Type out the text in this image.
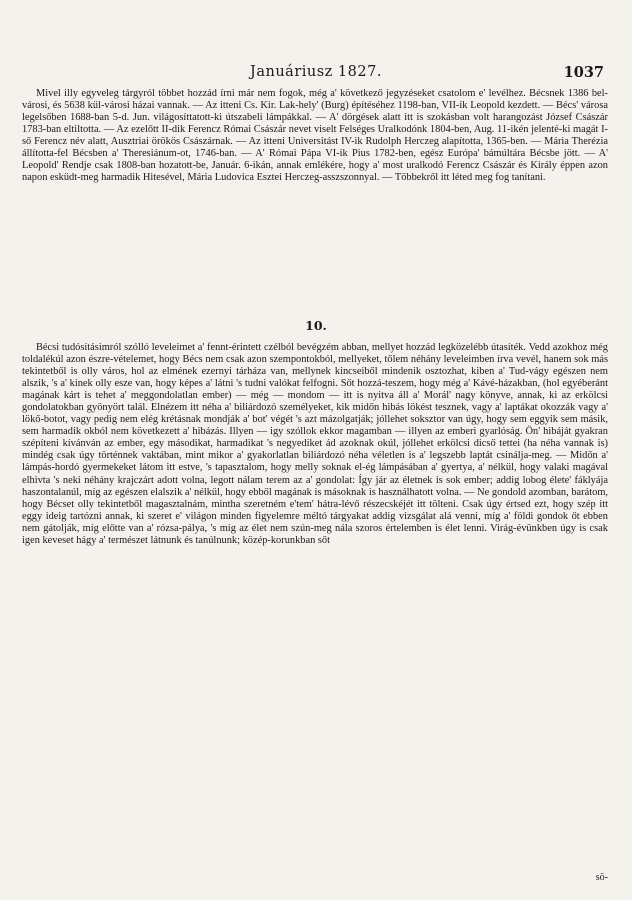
Januáriusz 1827.	1037

Mivel illy egyveleg tárgyról többet hozzád írni már nem fogok, még a' következő jegyzéseket csatolom e' levélhez. Bécsnek 1386 bel-városi, és 5638 kül-városi házai vannak. — Az itteni Cs. Kir. Lak-hely' (Burg) építéséhez 1198-ban, VII-ik Leopold kezdett. — Bécs' városa legelsőben 1688-ban 5-d. Jun. világosíttatott-ki útszabeli lámpákkal. — A' dörgések alatt itt is szokásban volt harangozást József Császár 1783-ban eltiltotta. — Az ezelőtt II-dik Ferencz Római Császár nevet viselt Felséges Uralkodónk 1804-ben, Aug. 11-ikén jelenté-ki magát I-ső Ferencz név alatt, Ausztriai örökös Császárnak. — Az itteni Universitást IV-ik Rudolph Herczeg alapította, 1365-ben. — Mária Therézia állította-fel Bécsben a' Theresiánum-ot, 1746-ban. — A' Római Pápa VI-ik Pius 1782-ben, egész Európa' bámúltára Bécsbe jött. — A' Leopold' Rendje csak 1808-ban hozatott-be, Január. 6-ikán, annak emlékére, hogy a' most uralkodó Ferencz Császár és Király éppen azon napon esküdt-meg harmadik Hitesével, Mária Ludovica Esztei Herczeg-asszszonnyal. — Többekről itt léted meg fog tanítani.

10.

Bécsi tudósításimról szólló leveleimet a' fennt-érintett czélból bevégzém abban, mellyet hozzád legközelébb útasíték. Vedd azokhoz még toldalékúl azon észre-vételemet, hogy Bécs nem csak azon szempontokból, mellyeket, tőlem néhány leveleimben írva vevél, hanem sok más tekintetből is olly város, hol az elmének ezernyi tárháza van, mellynek kincseiből mindenik osztozhat, kiben a' Tud-vágy egészen nem alszik, 's a' kinek olly esze van, hogy képes a' látni 's tudni valókat felfogni. Sőt hozzá-teszem, hogy még a' Kávé-házakban, (hol egyéberánt magának kárt is tehet a' meggondolatlan ember) — még — mondom — itt is nyitva áll a' Morál' nagy könyve, annak, ki az erkölcsi gondolatokban gyönyört talál. Elnézem itt néha a' biliárdozó személyeket, kik midőn hibás lökést tesznek, vagy a' laptákat okozzák vagy a' lökő-botot, vagy pedig nem elég krétásnak mondják a' bot' végét 's azt mázolgatják; jóllehet soksztor van úgy, hogy sem eggyik sem másik, sem harmadik okból nem következett a' hibázás. Illyen — igy szóllok ekkor magamban — illyen az emberi gyarlóság. Ön' hibáját gyakran szépíteni kívánván az ember, egy másodikat, harmadikat 's negyediket ád azoknak okúl, jóllehet erkölcsi dicső tettei (ha néha vannak is) mindég csak úgy történnek vaktában, mint mikor a' gyakorlatlan biliárdozó néha véletlen is a' legszebb laptát csinálja-meg. — Midőn a' lámpás-hordó gyermekeket látom itt estve, 's tapasztalom, hogy melly soknak el-ég lámpásában a' gyertya, a' nélkül, hogy valaki magával elhivta 's neki néhány krajczárt adott volna, legott nálam terem az a' gondolat: Így jár az életnek is sok ember; addig lobog élete' fáklyája haszontalanúl, míg az egészen elalszik a' nélkül, hogy ebből magának is másoknak is használhatott volna. — Ne gondold azomban, barátom, hogy Bécset olly tekintetből magasztalnám, mintha szeretném e'tem' hátra-lévő részecskéjét itt tölteni. Csak úgy értsed ezt, hogy szép itt eggy ideig tartózni annak, ki szeret e' világon minden figyelemre méltó tárgyakat addig vizsgálat alá venni, míg a' földi gondok őt ebben nem gátolják, míg előtte van a' rózsa-pálya, 's míg az élet nem szún-meg nála szoros értelemben is élet lenni. Virág-évünkben úgy is csak igen keveset hágy a' természet látnunk és tanúlnunk; közép-korunkban sőt

sö-
